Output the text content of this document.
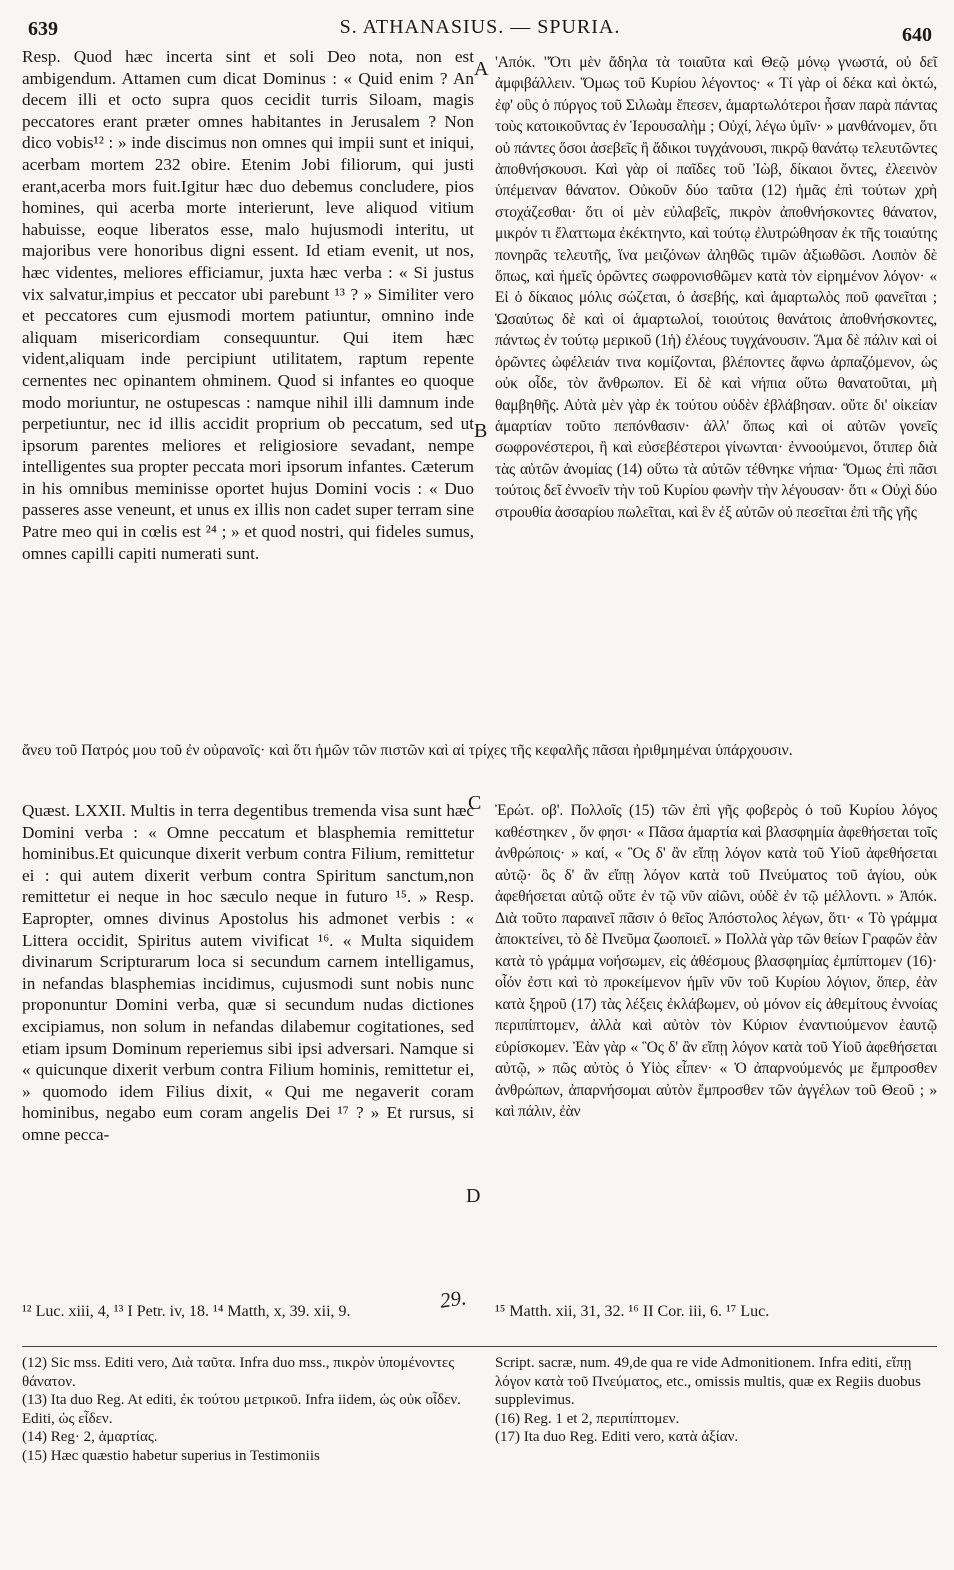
639	S. ATHANASIUS. — SPURIA.	640
A
B
C
D

Resp. Quod hæc incerta sint et soli Deo nota, non est ambigendum. Attamen cum dicat Dominus : « Quid enim ? An decem illi et octo supra quos cecidit turris Siloam, magis peccatores erant præter omnes habitantes in Jerusalem ? Non dico vobis¹² : » inde discimus non omnes qui impii sunt et iniqui, acerbam mortem 232 obire. Etenim Jobi filiorum, qui justi erant,acerba mors fuit.Igitur hæc duo debemus concludere, pios homines, qui acerba morte interierunt, leve aliquod vitium habuisse, eoque liberatos esse, malo hujusmodi interitu, ut majoribus vere honoribus digni essent. Id etiam evenit, ut nos, hæc videntes, meliores efficiamur, juxta hæc verba : « Si justus vix salvatur,impius et peccator ubi parebunt ¹³ ? » Similiter vero et peccatores cum ejusmodi mortem patiuntur, omnino inde aliquam misericordiam consequuntur. Qui item hæc vident,aliquam inde percipiunt utilitatem, raptum repente cernentes nec opinantem ohminem. Quod si infantes eo quoque modo moriuntur, ne ostupescas : namque nihil illi damnum inde perpetiuntur, nec id illis accidit proprium ob peccatum, sed ut ipsorum parentes meliores et religiosiore sevadant, nempe intelligentes sua propter peccata mori ipsorum infantes. Cæterum in his omnibus meminisse oportet hujus Domini vocis : « Duo passeres asse veneunt, et unus ex illis non cadet super terram sine Patre meo qui in cœlis est ²⁴ ; » et quod nostri, qui fideles sumus, omnes capilli capiti numerati sunt.

'Απόκ. "Ότι μὲν ἄδηλα τὰ τοιαῦτα καὶ Θεῷ μόνῳ γνωστά, οὐ δεῖ ἀμφιβάλλειν. Ὅμως τοῦ Κυρίου λέγοντος· « Τί γὰρ οἱ δέκα καὶ ὀκτώ, ἐφ' οὓς ὁ πύργος τοῦ Σιλωὰμ ἔπεσεν, ἁμαρτωλότεροι ἦσαν παρὰ πάντας τοὺς κατοικοῦντας ἐν Ἱερουσαλὴμ ; Οὐχί, λέγω ὑμῖν· » μανθάνομεν, ὅτι οὐ πάντες ὅσοι ἀσεβεῖς ἢ ἄδικοι τυγχάνουσι, πικρῷ θανάτῳ τελευτῶντες ἀποθνήσκουσι. Καὶ γὰρ οἱ παῖδες τοῦ Ἰὼβ, δίκαιοι ὄντες, ἐλεεινὸν ὑπέμειναν θάνατον. Οὐκοῦν δύο ταῦτα (12) ἡμᾶς ἐπὶ τούτων χρὴ στοχάζεσθαι· ὅτι οἱ μὲν εὐλαβεῖς, πικρὸν ἀποθνήσκοντες θάνατον, μικρόν τι ἔλαττωμα ἐκέκτηντο, καὶ τούτῳ ἐλυτρώθησαν ἐκ τῆς τοιαύτης πονηρᾶς τελευτῆς, ἵνα μειζόνων ἀληθῶς τιμῶν ἀξιωθῶσι. Λοιπὸν δὲ ὅπως, καὶ ἡμεῖς ὁρῶντες σωφρονισθῶμεν κατὰ τὸν εἰρημένον λόγον· « Εἰ ὁ δίκαιος μόλις σώζεται, ὁ ἀσεβής, καὶ ἁμαρτωλὸς ποῦ φανεῖται ; Ὡσαύτως δὲ καὶ οἱ ἁμαρτωλοί, τοιούτοις θανάτοις ἀποθνήσκοντες, πάντως ἐν τούτῳ μερικοῦ (1ἡ) ἐλέους τυγχάνουσιν. Ἅμα δὲ πάλιν καὶ οἱ ὁρῶντες ὠφέλειάν τινα κομίζονται, βλέποντες ἄφνω ἁρπαζόμενον, ὡς οὐκ οἶδε, τὸν ἄνθρωπον. Εἰ δὲ καὶ νήπια οὕτω θανατοῦται, μὴ θαμβηθῆς. Αὐτὰ μὲν γὰρ ἐκ τούτου οὐδὲν ἐβλάβησαν. οὔτε δι' οἰκείαν ἁμαρτίαν τοῦτο πεπόνθασιν· ἀλλ' ὅπως καὶ οἱ αὐτῶν γονεῖς σωφρονέστεροι, ἢ καὶ εὐσεβέστεροι γίνωνται· ἐννοούμενοι, ὅτιπερ διὰ τὰς αὐτῶν ἀνομίας (14) οὕτω τὰ αὐτῶν τέθνηκε νήπια· Ὅμως ἐπὶ πᾶσι τούτοις δεῖ ἐννοεῖν τὴν τοῦ Κυρίου φωνὴν τὴν λέγουσαν· ὅτι « Οὐχὶ δύο στρουθία ἀσσαρίου πωλεῖται, καὶ ἓν ἐξ αὐτῶν οὐ πεσεῖται ἐπὶ τῆς γῆς

ἄνευ τοῦ Πατρός μου τοῦ ἐν οὐρανοῖς· καὶ ὅτι ἡμῶν τῶν πιστῶν καὶ αἱ τρίχες τῆς κεφαλῆς πᾶσαι ἠριθμημέναι ὑπάρχουσιν.

Quæst. LXXII. Multis in terra degentibus tremenda visa sunt hæc Domini verba : « Omne peccatum et blasphemia remittetur hominibus.Et quicunque dixerit verbum contra Filium, remittetur ei : qui autem dixerit verbum contra Spiritum sanctum,non remittetur ei neque in hoc sæculo neque in futuro ¹⁵. » Resp. Eapropter, omnes divinus Apostolus his admonet verbis : « Littera occidit, Spiritus autem vivificat ¹⁶. « Multa siquidem divinarum Scripturarum loca si secundum carnem intelligamus, in nefandas blasphemias incidimus, cujusmodi sunt nobis nunc proponuntur Domini verba, quæ si secundum nudas dictiones excipiamus, non solum in nefandas dilabemur cogitationes, sed etiam ipsum Dominum reperiemus sibi ipsi adversari. Namque si « quicunque dixerit verbum contra Filium hominis, remittetur ei, » quomodo idem Filius dixit, « Qui me negaverit coram hominibus, negabo eum coram angelis Dei ¹⁷ ? » Et rursus, si omne pecca-

Ἐρώτ. οβ'. Πολλοῖς (15) τῶν ἐπὶ γῆς φοβερὸς ὁ τοῦ Κυρίου λόγος καθέστηκεν , ὅν φησι· « Πᾶσα ἁμαρτία καὶ βλασφημία ἀφεθήσεται τοῖς ἀνθρώποις· » καί, « Ὃς δ' ἂν εἴπῃ λόγον κατὰ τοῦ Υἱοῦ ἀφεθήσεται αὐτῷ· ὃς δ' ἂν εἴπῃ λόγον κατὰ τοῦ Πνεύματος τοῦ ἁγίου, οὐκ ἀφεθήσεται αὐτῷ οὔτε ἐν τῷ νῦν αἰῶνι, οὐδὲ ἐν τῷ μέλλοντι. » Ἀπόκ. Διὰ τοῦτο παραινεῖ πᾶσιν ὁ θεῖος Ἀπόστολος λέγων, ὅτι· « Τὸ γράμμα ἀποκτείνει, τὸ δὲ Πνεῦμα ζωοποιεῖ. » Πολλὰ γὰρ τῶν θείων Γραφῶν ἐὰν κατὰ τὸ γράμμα νοήσωμεν, εἰς ἀθέσμους βλασφημίας ἐμπίπτομεν (16)· οἷόν ἐστι καὶ τὸ προκείμενον ἡμῖν νῦν τοῦ Κυρίου λόγιον, ὅπερ, ἐὰν κατὰ ξηροῦ (17) τὰς λέξεις ἐκλάβωμεν, οὐ μόνον εἰς ἀθεμίτους ἐννοίας περιπίπτομεν, ἀλλὰ καὶ αὐτὸν τὸν Κύριον ἐναντιούμενον ἑαυτῷ εὑρίσκομεν. Ἐὰν γὰρ « Ὃς δ' ἂν εἴπῃ λόγον κατὰ τοῦ Υἱοῦ ἀφεθήσεται αὐτῷ, » πῶς αὐτὸς ὁ Υἱὸς εἶπεν· « Ὁ ἀπαρνούμενός με ἔμπροσθεν ἀνθρώπων, ἀπαρνήσομαι αὐτὸν ἔμπροσθεν τῶν ἀγγέλων τοῦ Θεοῦ ; » καὶ πάλιν, ἐὰν

¹² Luc. xiii, 4, ¹³ I Petr. iv, 18. ¹⁴ Matth, x, 39. xii, 9.	29. ¹⁵ Matth. xii, 31, 32. ¹⁶ II Cor. iii, 6. ¹⁷ Luc.
(12) Sic mss. Editi vero, Διὰ ταῦτα. Infra duo mss., πικρὸν ὑπομένοντες θάνατον.
(13) Ita duo Reg. At editi, ἐκ τούτου μετρικοῦ. Infra iidem, ὡς οὐκ οἶδεν. Editi, ὡς εἶδεν.
(14) Reg· 2, ἁμαρτίας.
(15) Hæc quæstio habetur superius in Testimoniis
Script. sacræ, num. 49,de qua re vide Admonitionem. Infra editi, εἴπῃ λόγον κατὰ τοῦ Πνεύματος, etc., omissis multis, quæ ex Regiis duobus supplevimus.
(16) Reg. 1 et 2, περιπίπτομεν.
(17) Ita duo Reg. Editi vero, κατὰ ἀξίαν.
